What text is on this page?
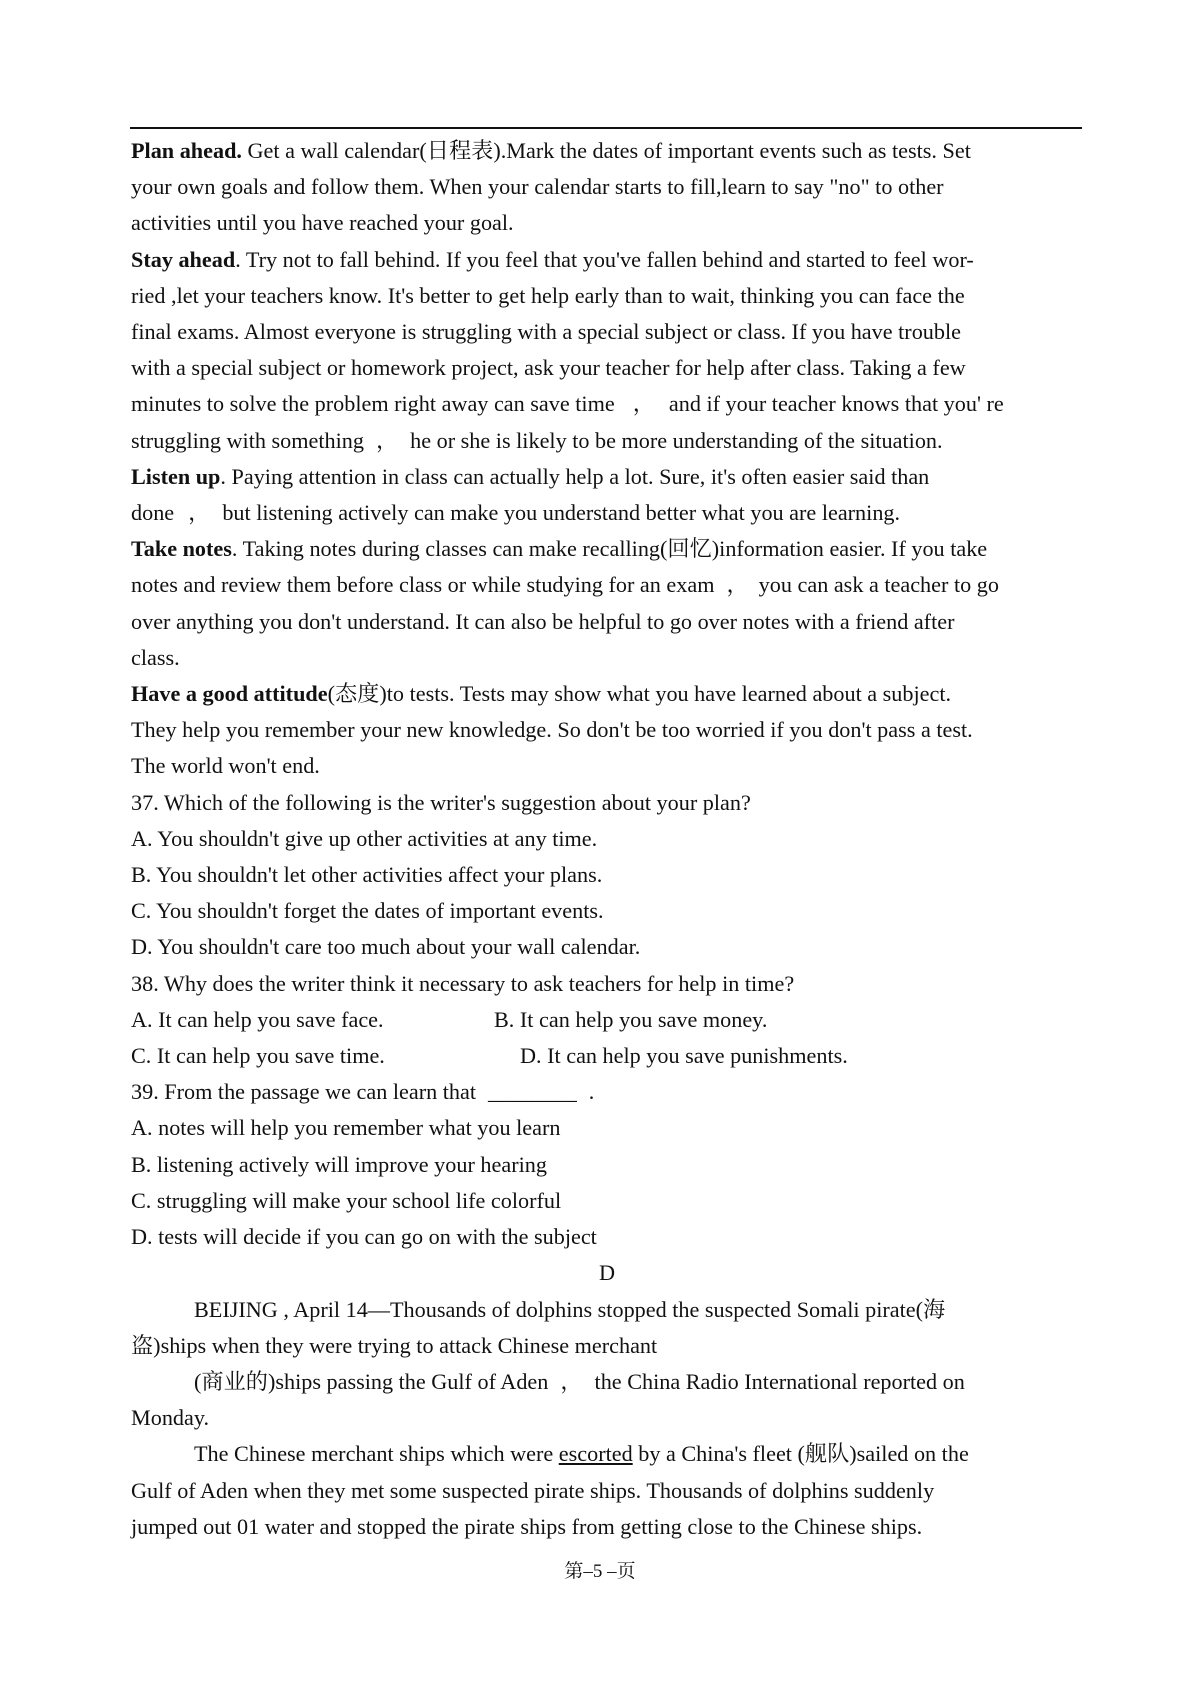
Plan ahead. Get a wall calendar(日程表).Mark the dates of important events such as tests. Set
your own goals and follow them. When your calendar starts to fill,learn to say "no" to other
activities until you have reached your goal.
Stay ahead. Try not to fall behind. If you feel that you've fallen behind and started to feel wor-
ried ,let your teachers know. It's better to get help early than to wait, thinking you can face the
final exams. Almost everyone is struggling with a special subject or class. If you have trouble
with a special subject or homework project, ask your teacher for help after class. Taking a few
minutes to solve the problem right away can save time ， and if your teacher knows that you' re
struggling with something ， he or she is likely to be more understanding of the situation.
Listen up. Paying attention in class can actually help a lot. Sure, it's often easier said than
done ， but listening actively can make you understand better what you are learning.
Take notes. Taking notes during classes can make recalling(回忆)information easier. If you take
notes and review them before class or while studying for an exam ， you can ask a teacher to go
over anything you don't understand. It can also be helpful to go over notes with a friend after
class.
Have a good attitude(态度)to tests. Tests may show what you have learned about a subject.
They help you remember your new knowledge. So don't be too worried if you don't pass a test.
The world won't end.
37. Which of the following is the writer's suggestion about your plan?
A. You shouldn't give up other activities at any time.
B. You shouldn't let other activities affect your plans.
C. You shouldn't forget the dates of important events.
D. You shouldn't care too much about your wall calendar.
38. Why does the writer think it necessary to ask teachers for help in time?
A. It can help you save face.	B. It can help you save money.
C. It can help you save time.	D. It can help you save punishments.
39. From the passage we can learn that ________ .
A. notes will help you remember what you learn
B. listening actively will improve your hearing
C. struggling will make your school life colorful
D. tests will decide if you can go on with the subject
D
BEIJING , April 14—Thousands of dolphins stopped the suspected Somali pirate(海
盗)ships when they were trying to attack Chinese merchant
(商业的)ships passing the Gulf of Aden ， the China Radio International reported on
Monday.
The Chinese merchant ships which were escorted by a China's fleet (舰队)sailed on the
Gulf of Aden when they met some suspected pirate ships. Thousands of dolphins suddenly
jumped out 01 water and stopped the pirate ships from getting close to the Chinese ships.
第–5 –页
